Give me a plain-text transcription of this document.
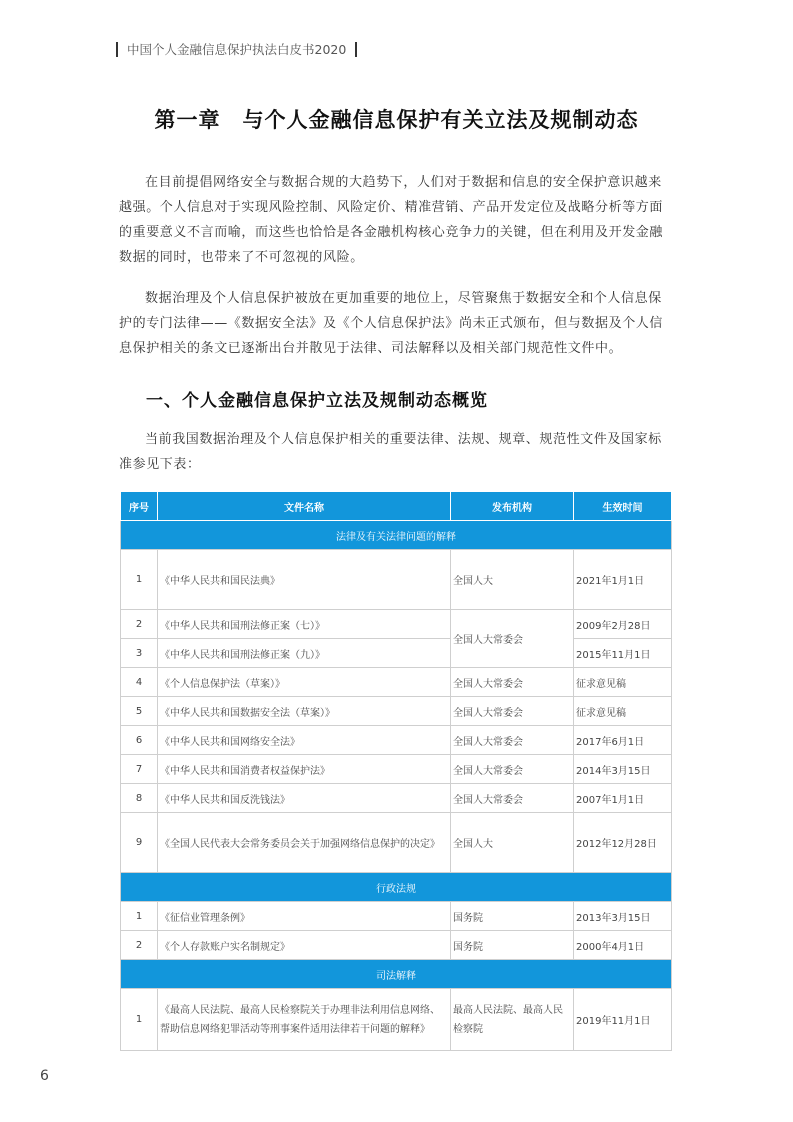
中国个人金融信息保护执法白皮书2020
第一章　与个人金融信息保护有关立法及规制动态

在目前提倡网络安全与数据合规的大趋势下，人们对于数据和信息的安全保护意识越来越强。个人信息对于实现风险控制、风险定价、精准营销、产品开发定位及战略分析等方面的重要意义不言而喻，而这些也恰恰是各金融机构核心竞争力的关键，但在利用及开发金融数据的同时，也带来了不可忽视的风险。

数据治理及个人信息保护被放在更加重要的地位上，尽管聚焦于数据安全和个人信息保护的专门法律——《数据安全法》及《个人信息保护法》尚未正式颁布，但与数据及个人信息保护相关的条文已逐渐出台并散见于法律、司法解释以及相关部门规范性文件中。

一、个人金融信息保护立法及规制动态概览

当前我国数据治理及个人信息保护相关的重要法律、法规、规章、规范性文件及国家标准参见下表：

序号	文件名称	发布机构	生效时间
法律及有关法律问题的解释			
1	《中华人民共和国民法典》	全国人大	2021年1月1日
2	《中华人民共和国刑法修正案（七）》	全国人大常委会	2009年2月28日
3	《中华人民共和国刑法修正案（九）》		2015年11月1日
4	《个人信息保护法（草案）》	全国人大常委会	征求意见稿
5	《中华人民共和国数据安全法（草案）》	全国人大常委会	征求意见稿
6	《中华人民共和国网络安全法》	全国人大常委会	2017年6月1日
7	《中华人民共和国消费者权益保护法》	全国人大常委会	2014年3月15日
8	《中华人民共和国反洗钱法》	全国人大常委会	2007年1月1日
9	《全国人民代表大会常务委员会关于加强网络信息保护的决定》	全国人大	2012年12月28日
行政法规			
1	《征信业管理条例》	国务院	2013年3月15日
2	《个人存款账户实名制规定》	国务院	2000年4月1日
司法解释			
1	《最高人民法院、最高人民检察院关于办理非法利用信息网络、帮助信息网络犯罪活动等刑事案件适用法律若干问题的解释》	最高人民法院、最高人民检察院	2019年11月1日
6
